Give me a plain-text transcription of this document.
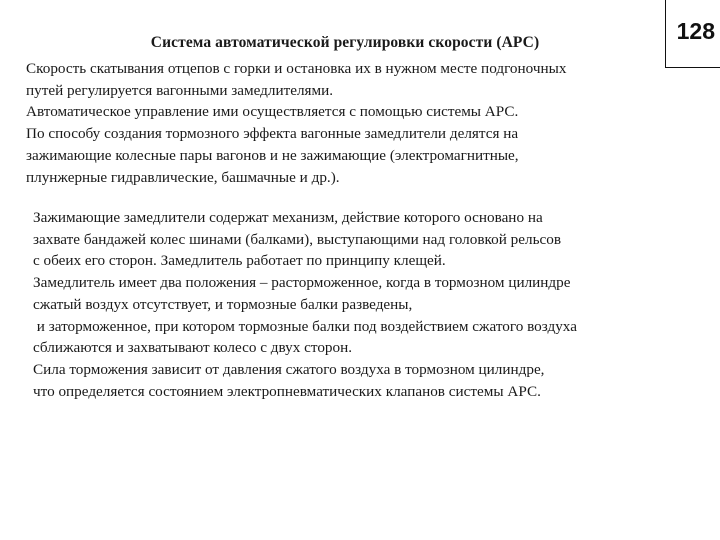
Система автоматической регулировки скорости (АРС)	128
Скорость скатывания отцепов с горки и остановка их в нужном месте подгоночных
путей регулируется вагонными замедлителями.
Автоматическое управление ими осуществляется с помощью системы АРС.
По способу создания тормозного эффекта вагонные замедлители делятся на
зажимающие колесные пары вагонов и не зажимающие (электромагнитные,
плунжерные гидравлические, башмачные и др.).
Зажимающие замедлители содержат механизм, действие которого основано на
захвате бандажей колес шинами (балками), выступающими над головкой рельсов
с обеих его сторон. Замедлитель работает по принципу клещей.
Замедлитель имеет два положения – расторможенное, когда в тормозном цилиндре
сжатый воздух отсутствует, и тормозные балки разведены,
и заторможенное, при котором тормозные балки под воздействием сжатого воздуха
сближаются и захватывают колесо с двух сторон.
Сила торможения зависит от давления сжатого воздуха в тормозном цилиндре,
что определяется состоянием электропневматических клапанов системы АРС.
